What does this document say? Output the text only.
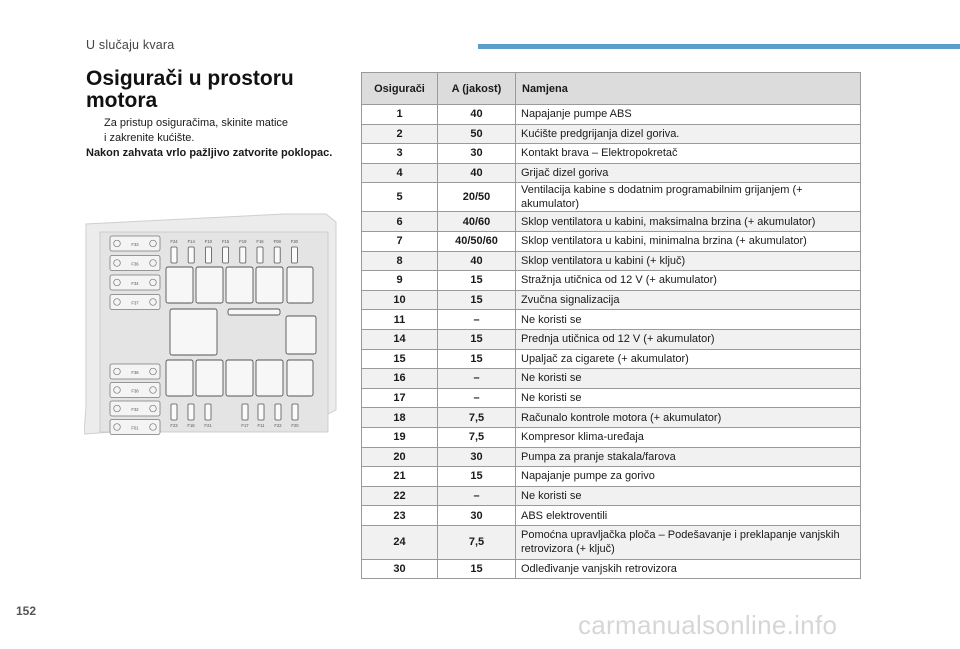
U slučaju kvara
Osigurači u prostoru
motora
Za pristup osiguračima, skinite matice
i zakrenite kućište.
Nakon zahvata vrlo pažljivo zatvorite poklopac.
F33
F36
F34
F37
F36
F38
F32
F01
F24 F14 F10 F15 F19 F16 F08 F30
F23 F18 F21	F17 F11 F22 F20
Osigurači	A (jakost)	Namjena
1	40	Napajanje pumpe ABS
2	50	Kućište predgrijanja dizel goriva.
3	30	Kontakt brava – Elektropokretač
4	40	Grijač dizel goriva
5	20/50	Ventilacija kabine s dodatnim programabilnim grijanjem (+ akumulator)
6	40/60	Sklop ventilatora u kabini, maksimalna brzina (+ akumulator)
7	40/50/60	Sklop ventilatora u kabini, minimalna brzina (+ akumulator)
8	40	Sklop ventilatora u kabini (+ ključ)
9	15	Stražnja utičnica od 12 V (+ akumulator)
10	15	Zvučna signalizacija
11	–	Ne koristi se
14	15	Prednja utičnica od 12 V (+ akumulator)
15	15	Upaljač za cigarete (+ akumulator)
16	–	Ne koristi se
17	–	Ne koristi se
18	7,5	Računalo kontrole motora (+ akumulator)
19	7,5	Kompresor klima-uređaja
20	30	Pumpa za pranje stakala/farova
21	15	Napajanje pumpe za gorivo
22	–	Ne koristi se
23	30	ABS elektroventili
24	7,5	Pomoćna upravljačka ploča – Podešavanje i preklapanje vanjskih retrovizora (+ ključ)
30	15	Odleđivanje vanjskih retrovizora
152	carmanualsonline.info
